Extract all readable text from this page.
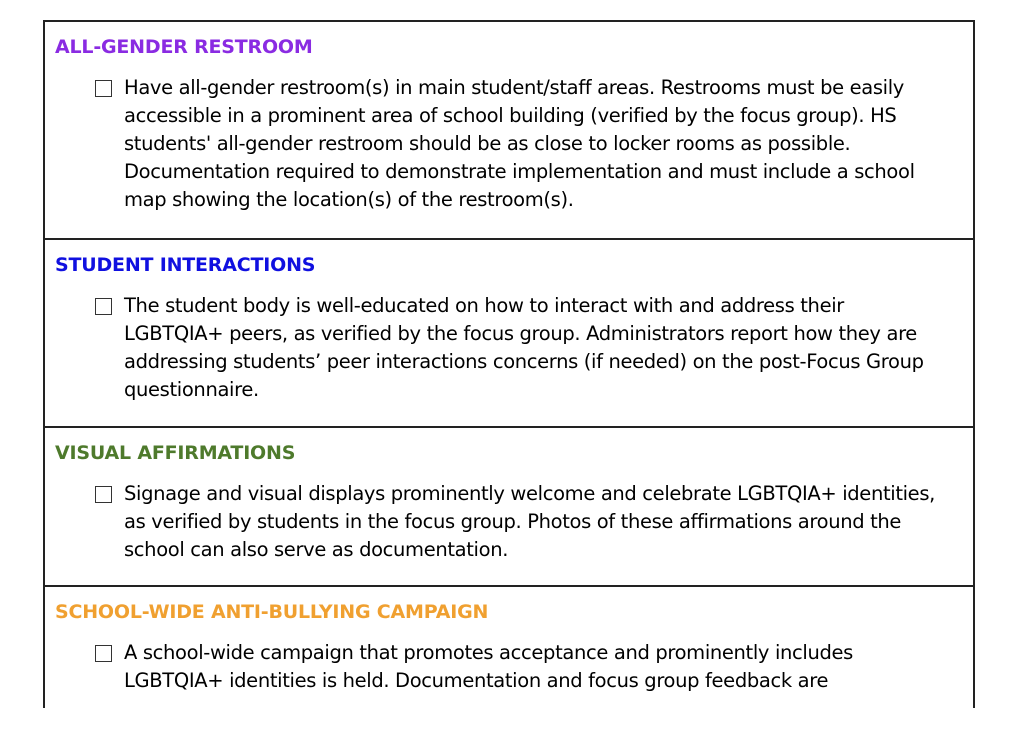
ALL-GENDER RESTROOM
Have all-gender restroom(s) in main student/staff areas. Restrooms must be easily accessible in a prominent area of school building (verified by the focus group). HS students' all-gender restroom should be as close to locker rooms as possible. Documentation required to demonstrate implementation and must include a school map showing the location(s) of the restroom(s).
STUDENT INTERACTIONS
The student body is well-educated on how to interact with and address their LGBTQIA+ peers, as verified by the focus group. Administrators report how they are addressing students’ peer interactions concerns (if needed) on the post-Focus Group questionnaire.
VISUAL AFFIRMATIONS
Signage and visual displays prominently welcome and celebrate LGBTQIA+ identities, as verified by students in the focus group. Photos of these affirmations around the school can also serve as documentation.
SCHOOL-WIDE ANTI-BULLYING CAMPAIGN
A school-wide campaign that promotes acceptance and prominently includes LGBTQIA+ identities is held. Documentation and focus group feedback are
